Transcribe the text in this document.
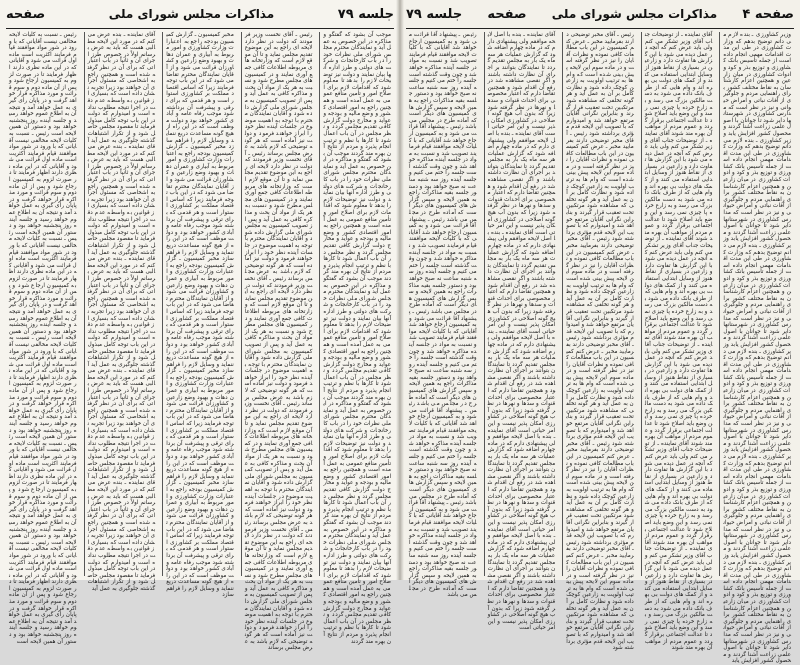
جلسه ۷۹
مذاکرات مجلس شورای ملی
صفحه

موجب آن بشود که گفتگو و مذاکره در این خصوص به عمل آید و نمایندگان محترم مجلس شورای ملی نظرات خود را در باب کارخانجات و شرکت های دولتی و طرز اداره آنها بیان نمایند و دولت نیز توضیحات لازم را بدهد تا معلوم شود که اقدامات لازم برای اصلاح امور و تأمین منافع عمومی به عمل آمده است و همچنین راجع به امور اقتصادی کشور و وضع مالیه و بودجه و عواید و مخارج دولت گزارش کافی تقدیم مجلس گردد و نظر مجلس در آن باب اعمال شود تا کارها با نظم و ترتیب انجام پذیرد و مردم از نتایج آن بهره مند گردند موجب آن بشود که گفتگو و مذاکره در این خصوص به عمل آید و نمایندگان محترم مجلس شورای ملی نظرات خود را در باب کارخانجات و شرکت های دولتی و طرز اداره آنها بیان نمایند و دولت نیز توضیحات لازم را بدهد تا معلوم شود که اقدامات لازم برای اصلاح امور و تأمین منافع عمومی به عمل آمده است و همچنین راجع به امور اقتصادی کشور و وضع مالیه و بودجه و عواید و مخارج دولت گزارش کافی تقدیم مجلس گردد و نظر مجلس در آن باب اعمال شود تا کارها با نظم و ترتیب انجام پذیرد و مردم از نتایج آن بهره مند گردند موجب آن بشود که گفتگو و مذاکره در این خصوص به عمل آید و نمایندگان محترم مجلس شورای ملی نظرات خود را در باب کارخانجات و شرکت های دولتی و طرز اداره آنها بیان نمایند و دولت نیز توضیحات لازم را بدهد تا معلوم شود که اقدامات لازم برای اصلاح امور و تأمین منافع عمومی به عمل آمده است و همچنین راجع به امور اقتصادی کشور و وضع مالیه و بودجه و عواید و مخارج دولت گزارش کافی تقدیم مجلس گردد و نظر مجلس در آن باب اعمال شود تا کارها با نظم و ترتیب انجام پذیرد و مردم از نتایج آن بهره مند گردند موجب آن بشود که گفتگو و مذاکره در این خصوص به عمل آید و نمایندگان محترم مجلس شورای ملی نظرات خود را در باب کارخانجات و شرکت های دولتی و طرز اداره آنها بیان نمایند و دولت نیز توضیحات لازم را بدهد تا معلوم شود که اقدامات لازم برای اصلاح امور و تأمین منافع عمومی به عمل آمده است و همچنین راجع به امور اقتصادی کشور و وضع مالیه و بودجه و عواید و مخارج دولت گزارش کافی تقدیم مجلس گردد و نظر مجلس در آن باب اعمال شود تا کارها با نظم و ترتیب انجام پذیرد و مردم از نتایج آن بهره مند گردند موجب آن بشود که گفتگو و مذاکره در این خصوص به عمل آید و نمایندگان محترم مجلس شورای ملی نظرات خود را در باب کارخانجات و شرکت های دولتی و طرز اداره آنها بیان نمایند و دولت نیز توضیحات لازم را بدهد تا معلوم شود که اقدامات لازم برای اصلاح امور و تأمین منافع عمومی به عمل آمده است و همچنین راجع به امور اقتصادی کشور و وضع مالیه و بودجه و عواید و مخارج دولت گزارش کافی تقدیم مجلس گردد و نظر مجلس در آن باب اعمال شود تا کارها با نظم و ترتیب انجام پذیرد و مردم از نتایج آن بهره مند گردند

رئیس ـ آقای نخست وزیر فرمودند که دولت در نظر دارد لایحه ای راجع به این موضوع تقدیم مجلس نماید و تا آن موقع لازم است که وزارتخانه های مربوطه اطلاعات کافی جمع آوری نمایند و در کمیسیون های مجلس مطرح شود و نسبت به هر یک از مواد آن بحث و مذاکره کافی به عمل آید و پس از تصویب کمیسیون به مجلس شورای ملی گزارش داده شود و آقایان نمایندگان محترم با توجه به اهمیت موضوع در جلسات آینده نظر خود را ابراز خواهند فرمود و دولت نیز آماده است که هر گونه توضیحی که لازم باشد به عرض مجلس برساند رئیس ـ آقای نخست وزیر فرمودند که دولت در نظر دارد لایحه ای راجع به این موضوع تقدیم مجلس نماید و تا آن موقع لازم است که وزارتخانه های مربوطه اطلاعات کافی جمع آوری نمایند و در کمیسیون های مجلس مطرح شود و نسبت به هر یک از مواد آن بحث و مذاکره کافی به عمل آید و پس از تصویب کمیسیون به مجلس شورای ملی گزارش داده شود و آقایان نمایندگان محترم با توجه به اهمیت موضوع در جلسات آینده نظر خود را ابراز خواهند فرمود و دولت نیز آماده است که هر گونه توضیحی که لازم باشد به عرض مجلس برساند رئیس ـ آقای نخست وزیر فرمودند که دولت در نظر دارد لایحه ای راجع به این موضوع تقدیم مجلس نماید و تا آن موقع لازم است که وزارتخانه های مربوطه اطلاعات کافی جمع آوری نمایند و در کمیسیون های مجلس مطرح شود و نسبت به هر یک از مواد آن بحث و مذاکره کافی به عمل آید و پس از تصویب کمیسیون به مجلس شورای ملی گزارش داده شود و آقایان نمایندگان محترم با توجه به اهمیت موضوع در جلسات آینده نظر خود را ابراز خواهند فرمود و دولت نیز آماده است که هر گونه توضیحی که لازم باشد به عرض مجلس برساند رئیس ـ آقای نخست وزیر فرمودند که دولت در نظر دارد لایحه ای راجع به این موضوع تقدیم مجلس نماید و تا آن موقع لازم است که وزارتخانه های مربوطه اطلاعات کافی جمع آوری نمایند و در کمیسیون های مجلس مطرح شود و نسبت به هر یک از مواد آن بحث و مذاکره کافی به عمل آید و پس از تصویب کمیسیون به مجلس شورای ملی گزارش داده شود و آقایان نمایندگان محترم با توجه به اهمیت موضوع در جلسات آینده نظر خود را ابراز خواهند فرمود و دولت نیز آماده است که هر گونه توضیحی که لازم باشد به عرض مجلس برساند رئیس ـ آقای نخست وزیر فرمودند که دولت در نظر دارد لایحه ای راجع به این موضوع تقدیم مجلس نماید و تا آن موقع لازم است که وزارتخانه های مربوطه اطلاعات کافی جمع آوری نمایند و در کمیسیون های مجلس مطرح شود و نسبت به هر یک از مواد آن بحث و مذاکره کافی به عمل آید و پس از تصویب کمیسیون به مجلس شورای ملی گزارش داده شود و آقایان نمایندگان محترم با توجه به اهمیت موضوع در جلسات آینده نظر خود را ابراز خواهند فرمود و دولت نیز آماده است که هر گونه توضیحی که لازم باشد به عرض مجلس برساند

مخبر کمیسیون ـ گزارش کمیسیون بودجه راجع به اعتبارات وزارت کشاورزی و امور مربوط به آبیاری و عمران دهات و بهبود وضع زارعین و کشاورزان قرائت می شود و از آقایان نمایندگان محترم تقاضا می شود که در این باب توجه فرمایند زیرا که اساس اقتصاد مملکت بر کشاورزی استوار است و هر قدمی که برای ترقی و پیشرفت آن برداشته شود موجب رفاه عامه و آبادی کشور خواهد بود و دولت موظف است که در این راه از هیچ گونه مساعدت دریغ ننماید و وسایل لازم را فراهم سازد مخبر کمیسیون ـ گزارش کمیسیون بودجه راجع به اعتبارات وزارت کشاورزی و امور مربوط به آبیاری و عمران دهات و بهبود وضع زارعین و کشاورزان قرائت می شود و از آقایان نمایندگان محترم تقاضا می شود که در این باب توجه فرمایند زیرا که اساس اقتصاد مملکت بر کشاورزی استوار است و هر قدمی که برای ترقی و پیشرفت آن برداشته شود موجب رفاه عامه و آبادی کشور خواهد بود و دولت موظف است که در این راه از هیچ گونه مساعدت دریغ ننماید و وسایل لازم را فراهم سازد مخبر کمیسیون ـ گزارش کمیسیون بودجه راجع به اعتبارات وزارت کشاورزی و امور مربوط به آبیاری و عمران دهات و بهبود وضع زارعین و کشاورزان قرائت می شود و از آقایان نمایندگان محترم تقاضا می شود که در این باب توجه فرمایند زیرا که اساس اقتصاد مملکت بر کشاورزی استوار است و هر قدمی که برای ترقی و پیشرفت آن برداشته شود موجب رفاه عامه و آبادی کشور خواهد بود و دولت موظف است که در این راه از هیچ گونه مساعدت دریغ ننماید و وسایل لازم را فراهم سازد مخبر کمیسیون ـ گزارش کمیسیون بودجه راجع به اعتبارات وزارت کشاورزی و امور مربوط به آبیاری و عمران دهات و بهبود وضع زارعین و کشاورزان قرائت می شود و از آقایان نمایندگان محترم تقاضا می شود که در این باب توجه فرمایند زیرا که اساس اقتصاد مملکت بر کشاورزی استوار است و هر قدمی که برای ترقی و پیشرفت آن برداشته شود موجب رفاه عامه و آبادی کشور خواهد بود و دولت موظف است که در این راه از هیچ گونه مساعدت دریغ ننماید و وسایل لازم را فراهم سازد مخبر کمیسیون ـ گزارش کمیسیون بودجه راجع به اعتبارات وزارت کشاورزی و امور مربوط به آبیاری و عمران دهات و بهبود وضع زارعین و کشاورزان قرائت می شود و از آقایان نمایندگان محترم تقاضا می شود که در این باب توجه فرمایند زیرا که اساس اقتصاد مملکت بر کشاورزی استوار است و هر قدمی که برای ترقی و پیشرفت آن برداشته شود موجب رفاه عامه و آبادی کشور خواهد بود و دولت موظف است که در این راه از هیچ گونه مساعدت دریغ ننماید و وسایل لازم را فراهم سازد

آقای نماینده ـ بنده عرض می کنم که در مورد این لایحه مطالبی هست که باید به عرض برسانم اولاً در خصوص طرز اجرای آن و ثانیاً در باب اعتباراتی که برای آن در نظر گرفته شده است و همچنین راجع به اشخاصی که مسئول اجرای آن خواهند بود زیرا تجربه نشان داده است که بسیاری از قوانین به واسطه عدم دقت در اجرا نتیجه مطلوب نداده است و امیدوارم که دولت در این باب توجه کامل مبذول فرماید تا مقصود مجلس حاصل شود و از تکرار اشتباهات گذشته جلوگیری به عمل آید آقای نماینده ـ بنده عرض می کنم که در مورد این لایحه مطالبی هست که باید به عرض برسانم اولاً در خصوص طرز اجرای آن و ثانیاً در باب اعتباراتی که برای آن در نظر گرفته شده است و همچنین راجع به اشخاصی که مسئول اجرای آن خواهند بود زیرا تجربه نشان داده است که بسیاری از قوانین به واسطه عدم دقت در اجرا نتیجه مطلوب نداده است و امیدوارم که دولت در این باب توجه کامل مبذول فرماید تا مقصود مجلس حاصل شود و از تکرار اشتباهات گذشته جلوگیری به عمل آید آقای نماینده ـ بنده عرض می کنم که در مورد این لایحه مطالبی هست که باید به عرض برسانم اولاً در خصوص طرز اجرای آن و ثانیاً در باب اعتباراتی که برای آن در نظر گرفته شده است و همچنین راجع به اشخاصی که مسئول اجرای آن خواهند بود زیرا تجربه نشان داده است که بسیاری از قوانین به واسطه عدم دقت در اجرا نتیجه مطلوب نداده است و امیدوارم که دولت در این باب توجه کامل مبذول فرماید تا مقصود مجلس حاصل شود و از تکرار اشتباهات گذشته جلوگیری به عمل آید آقای نماینده ـ بنده عرض می کنم که در مورد این لایحه مطالبی هست که باید به عرض برسانم اولاً در خصوص طرز اجرای آن و ثانیاً در باب اعتباراتی که برای آن در نظر گرفته شده است و همچنین راجع به اشخاصی که مسئول اجرای آن خواهند بود زیرا تجربه نشان داده است که بسیاری از قوانین به واسطه عدم دقت در اجرا نتیجه مطلوب نداده است و امیدوارم که دولت در این باب توجه کامل مبذول فرماید تا مقصود مجلس حاصل شود و از تکرار اشتباهات گذشته جلوگیری به عمل آید آقای نماینده ـ بنده عرض می کنم که در مورد این لایحه مطالبی هست که باید به عرض برسانم اولاً در خصوص طرز اجرای آن و ثانیاً در باب اعتباراتی که برای آن در نظر گرفته شده است و همچنین راجع به اشخاصی که مسئول اجرای آن خواهند بود زیرا تجربه نشان داده است که بسیاری از قوانین به واسطه عدم دقت در اجرا نتیجه مطلوب نداده است و امیدوارم که دولت در این باب توجه کامل مبذول فرماید تا مقصود مجلس حاصل شود و از تکرار اشتباهات گذشته جلوگیری به عمل آید

رئیس ـ نسبت به کلیات لایحه مخالفی نیست آقایانی که با ورود در شور مواد موافقند قیام فرمایند اکثریت است ماده اول قرائت می شود و آقایانی که در این ماده نظری دارند اظهار فرمایند تا در صورت لزوم به کمیسیون ارجاع شود و پس از آن ماده دوم و سوم قرائت و مورد مذاکره قرار خواهد گرفت و در پایان رأی گیری به عمل خواهد آمد و نتیجه آن به اطلاع عموم خواهد رسید و جلسه آینده روز پنجشنبه خواهد بود و دستور آن همین لایحه است رئیس ـ نسبت به کلیات لایحه مخالفی نیست آقایانی که با ورود در شور مواد موافقند قیام فرمایند اکثریت است ماده اول قرائت می شود و آقایانی که در این ماده نظری دارند اظهار فرمایند تا در صورت لزوم به کمیسیون ارجاع شود و پس از آن ماده دوم و سوم قرائت و مورد مذاکره قرار خواهد گرفت و در پایان رأی گیری به عمل خواهد آمد و نتیجه آن به اطلاع عموم خواهد رسید و جلسه آینده روز پنجشنبه خواهد بود و دستور آن همین لایحه است رئیس ـ نسبت به کلیات لایحه مخالفی نیست آقایانی که با ورود در شور مواد موافقند قیام فرمایند اکثریت است ماده اول قرائت می شود و آقایانی که در این ماده نظری دارند اظهار فرمایند تا در صورت لزوم به کمیسیون ارجاع شود و پس از آن ماده دوم و سوم قرائت و مورد مذاکره قرار خواهد گرفت و در پایان رأی گیری به عمل خواهد آمد و نتیجه آن به اطلاع عموم خواهد رسید و جلسه آینده روز پنجشنبه خواهد بود و دستور آن همین لایحه است رئیس ـ نسبت به کلیات لایحه مخالفی نیست آقایانی که با ورود در شور مواد موافقند قیام فرمایند اکثریت است ماده اول قرائت می شود و آقایانی که در این ماده نظری دارند اظهار فرمایند تا در صورت لزوم به کمیسیون ارجاع شود و پس از آن ماده دوم و سوم قرائت و مورد مذاکره قرار خواهد گرفت و در پایان رأی گیری به عمل خواهد آمد و نتیجه آن به اطلاع عموم خواهد رسید و جلسه آینده روز پنجشنبه خواهد بود و دستور آن همین لایحه است رئیس ـ نسبت به کلیات لایحه مخالفی نیست آقایانی که با ورود در شور مواد موافقند قیام فرمایند اکثریت است ماده اول قرائت می شود و آقایانی که در این ماده نظری دارند اظهار فرمایند تا در صورت لزوم به کمیسیون ارجاع شود و پس از آن ماده دوم و سوم قرائت و مورد مذاکره قرار خواهد گرفت و در پایان رأی گیری به عمل خواهد آمد و نتیجه آن به اطلاع عموم خواهد رسید و جلسه آینده روز پنجشنبه خواهد بود و دستور آن همین لایحه است رئیس ـ نسبت به کلیات لایحه مخالفی نیست آقایانی که با ورود در شور مواد موافقند قیام فرمایند اکثریت است ماده اول قرائت می شود و آقایانی که در این ماده نظری دارند اظهار فرمایند تا در صورت لزوم به کمیسیون ارجاع شود و پس از آن ماده دوم و سوم قرائت و مورد مذاکره قرار خواهد گرفت و در پایان رأی گیری به عمل خواهد آمد و نتیجه آن به اطلاع عموم خواهد رسید و جلسه آینده روز پنجشنبه خواهد بود و دستور آن همین لایحه است

صفحه ۴
مذاکرات مجلس شورای ملی
صفحه
جلسه ۷۹

وزیر کشاورزی ـ بنده لازم می دانم توضیح بدهم که وزارت کشاورزی در طی این مدت اقدامات مهمی انجام داده است از جمله تأسیس بانک کشاورزی و توزیع بذر و کود و ادوات کشاورزی در میان زارعین و همچنین اعزام کارشناسان به نقاط مختلف کشور برای راهنمایی مردم و جلوگیری از آفات نباتی و امراض حیوانی و نیز در نظر است که مدارس کشاورزی در شهرستانها دایر شود تا جوانان با اصول علمی زراعت آشنا گردند و محصول کشور افزایش یابد وزیر کشاورزی ـ بنده لازم می دانم توضیح بدهم که وزارت کشاورزی در طی این مدت اقدامات مهمی انجام داده است از جمله تأسیس بانک کشاورزی و توزیع بذر و کود و ادوات کشاورزی در میان زارعین و همچنین اعزام کارشناسان به نقاط مختلف کشور برای راهنمایی مردم و جلوگیری از آفات نباتی و امراض حیوانی و نیز در نظر است که مدارس کشاورزی در شهرستانها دایر شود تا جوانان با اصول علمی زراعت آشنا گردند و محصول کشور افزایش یابد وزیر کشاورزی ـ بنده لازم می دانم توضیح بدهم که وزارت کشاورزی در طی این مدت اقدامات مهمی انجام داده است از جمله تأسیس بانک کشاورزی و توزیع بذر و کود و ادوات کشاورزی در میان زارعین و همچنین اعزام کارشناسان به نقاط مختلف کشور برای راهنمایی مردم و جلوگیری از آفات نباتی و امراض حیوانی و نیز در نظر است که مدارس کشاورزی در شهرستانها دایر شود تا جوانان با اصول علمی زراعت آشنا گردند و محصول کشور افزایش یابد وزیر کشاورزی ـ بنده لازم می دانم توضیح بدهم که وزارت کشاورزی در طی این مدت اقدامات مهمی انجام داده است از جمله تأسیس بانک کشاورزی و توزیع بذر و کود و ادوات کشاورزی در میان زارعین و همچنین اعزام کارشناسان به نقاط مختلف کشور برای راهنمایی مردم و جلوگیری از آفات نباتی و امراض حیوانی و نیز در نظر است که مدارس کشاورزی در شهرستانها دایر شود تا جوانان با اصول علمی زراعت آشنا گردند و محصول کشور افزایش یابد وزیر کشاورزی ـ بنده لازم می دانم توضیح بدهم که وزارت کشاورزی در طی این مدت اقدامات مهمی انجام داده است از جمله تأسیس بانک کشاورزی و توزیع بذر و کود و ادوات کشاورزی در میان زارعین و همچنین اعزام کارشناسان به نقاط مختلف کشور برای راهنمایی مردم و جلوگیری از آفات نباتی و امراض حیوانی و نیز در نظر است که مدارس کشاورزی در شهرستانها دایر شود تا جوانان با اصول علمی زراعت آشنا گردند و محصول کشور افزایش یابد وزیر کشاورزی ـ بنده لازم می دانم توضیح بدهم که وزارت کشاورزی در طی این مدت اقدامات مهمی انجام داده است از جمله تأسیس بانک کشاورزی و توزیع بذر و کود و ادوات کشاورزی در میان زارعین و همچنین اعزام کارشناسان به نقاط مختلف کشور برای راهنمایی مردم و جلوگیری از آفات نباتی و امراض حیوانی و نیز در نظر است که مدارس کشاورزی در شهرستانها دایر شود تا جوانان با اصول علمی زراعت آشنا گردند و محصول کشور افزایش یابد

آقای نماینده ـ از توضیحات جناب آقای وزیر تشکر می کنم ولی باید عرض کنم که آنچه در عمل دیده می شود با این گزارش ها تفاوت دارد و زارعین در بسیاری از نقاط هنوز از وسایل ابتدایی استفاده می کنند و از کمک های دولت بی بهره اند و وام هایی که از طرف بانک داده می شود به دست مالکین بزرگ می رسد و به زارع خرده پا چیزی نمی رسد و این وضع باید اصلاح شود تا عدالت اجتماعی برقرار گردد و عموم مردم از مواهب آن بهره مند شوند آقای نماینده ـ از توضیحات جناب آقای وزیر تشکر می کنم ولی باید عرض کنم که آنچه در عمل دیده می شود با این گزارش ها تفاوت دارد و زارعین در بسیاری از نقاط هنوز از وسایل ابتدایی استفاده می کنند و از کمک های دولت بی بهره اند و وام هایی که از طرف بانک داده می شود به دست مالکین بزرگ می رسد و به زارع خرده پا چیزی نمی رسد و این وضع باید اصلاح شود تا عدالت اجتماعی برقرار گردد و عموم مردم از مواهب آن بهره مند شوند آقای نماینده ـ از توضیحات جناب آقای وزیر تشکر می کنم ولی باید عرض کنم که آنچه در عمل دیده می شود با این گزارش ها تفاوت دارد و زارعین در بسیاری از نقاط هنوز از وسایل ابتدایی استفاده می کنند و از کمک های دولت بی بهره اند و وام هایی که از طرف بانک داده می شود به دست مالکین بزرگ می رسد و به زارع خرده پا چیزی نمی رسد و این وضع باید اصلاح شود تا عدالت اجتماعی برقرار گردد و عموم مردم از مواهب آن بهره مند شوند آقای نماینده ـ از توضیحات جناب آقای وزیر تشکر می کنم ولی باید عرض کنم که آنچه در عمل دیده می شود با این گزارش ها تفاوت دارد و زارعین در بسیاری از نقاط هنوز از وسایل ابتدایی استفاده می کنند و از کمک های دولت بی بهره اند و وام هایی که از طرف بانک داده می شود به دست مالکین بزرگ می رسد و به زارع خرده پا چیزی نمی رسد و این وضع باید اصلاح شود تا عدالت اجتماعی برقرار گردد و عموم مردم از مواهب آن بهره مند شوند آقای نماینده ـ از توضیحات جناب آقای وزیر تشکر می کنم ولی باید عرض کنم که آنچه در عمل دیده می شود با این گزارش ها تفاوت دارد و زارعین در بسیاری از نقاط هنوز از وسایل ابتدایی استفاده می کنند و از کمک های دولت بی بهره اند و وام هایی که از طرف بانک داده می شود به دست مالکین بزرگ می رسد و به زارع خرده پا چیزی نمی رسد و این وضع باید اصلاح شود تا عدالت اجتماعی برقرار گردد و عموم مردم از مواهب آن بهره مند شوند آقای نماینده ـ از توضیحات جناب آقای وزیر تشکر می کنم ولی باید عرض کنم که آنچه در عمل دیده می شود با این گزارش ها تفاوت دارد و زارعین در بسیاری از نقاط هنوز از وسایل ابتدایی استفاده می کنند و از کمک های دولت بی بهره اند و وام هایی که از طرف بانک داده می شود به دست مالکین بزرگ می رسد و به زارع خرده پا چیزی نمی رسد و این وضع باید اصلاح شود تا عدالت اجتماعی برقرار گردد و عموم مردم از مواهب آن بهره مند شوند

رئیس ـ آقای مخبر توضیحی دارند بفرمایید مخبر ـ عرض کنم کمیسیون در این باب مطالعات کافی نموده و نظرات آقایان را نیز در نظر گرفته است و در ماده سوم این لایحه پیش بینی شده است که وام ها به ترتیب اولویت به زارعین کوچک داده شود و نظارت کامل بر آن به عمل آید و هر گونه تخلفی که مشاهده شود مرتکبین تحت تعقیب قرار گیرند و بنابراین نگرانی آقایان مرتفع خواهد شد و امیدوارم که با تصویب این لایحه قدم مؤثری برداشته شود رئیس ـ آقای مخبر توضیحی دارند بفرمایید مخبر ـ عرض کنم کمیسیون در این باب مطالعات کافی نموده و نظرات آقایان را نیز در نظر گرفته است و در ماده سوم این لایحه پیش بینی شده است که وام ها به ترتیب اولویت به زارعین کوچک داده شود و نظارت کامل بر آن به عمل آید و هر گونه تخلفی که مشاهده شود مرتکبین تحت تعقیب قرار گیرند و بنابراین نگرانی آقایان مرتفع خواهد شد و امیدوارم که با تصویب این لایحه قدم مؤثری برداشته شود رئیس ـ آقای مخبر توضیحی دارند بفرمایید مخبر ـ عرض کنم کمیسیون در این باب مطالعات کافی نموده و نظرات آقایان را نیز در نظر گرفته است و در ماده سوم این لایحه پیش بینی شده است که وام ها به ترتیب اولویت به زارعین کوچک داده شود و نظارت کامل بر آن به عمل آید و هر گونه تخلفی که مشاهده شود مرتکبین تحت تعقیب قرار گیرند و بنابراین نگرانی آقایان مرتفع خواهد شد و امیدوارم که با تصویب این لایحه قدم مؤثری برداشته شود رئیس ـ آقای مخبر توضیحی دارند بفرمایید مخبر ـ عرض کنم کمیسیون در این باب مطالعات کافی نموده و نظرات آقایان را نیز در نظر گرفته است و در ماده سوم این لایحه پیش بینی شده است که وام ها به ترتیب اولویت به زارعین کوچک داده شود و نظارت کامل بر آن به عمل آید و هر گونه تخلفی که مشاهده شود مرتکبین تحت تعقیب قرار گیرند و بنابراین نگرانی آقایان مرتفع خواهد شد و امیدوارم که با تصویب این لایحه قدم مؤثری برداشته شود رئیس ـ آقای مخبر توضیحی دارند بفرمایید مخبر ـ عرض کنم کمیسیون در این باب مطالعات کافی نموده و نظرات آقایان را نیز در نظر گرفته است و در ماده سوم این لایحه پیش بینی شده است که وام ها به ترتیب اولویت به زارعین کوچک داده شود و نظارت کامل بر آن به عمل آید و هر گونه تخلفی که مشاهده شود مرتکبین تحت تعقیب قرار گیرند و بنابراین نگرانی آقایان مرتفع خواهد شد و امیدوارم که با تصویب این لایحه قدم مؤثری برداشته شود رئیس ـ آقای مخبر توضیحی دارند بفرمایید مخبر ـ عرض کنم کمیسیون در این باب مطالعات کافی نموده و نظرات آقایان را نیز در نظر گرفته است و در ماده سوم این لایحه پیش بینی شده است که وام ها به ترتیب اولویت به زارعین کوچک داده شود و نظارت کامل بر آن به عمل آید و هر گونه تخلفی که مشاهده شود مرتکبین تحت تعقیب قرار گیرند و بنابراین نگرانی آقایان مرتفع خواهد شد و امیدوارم که با تصویب این لایحه قدم مؤثری برداشته شود

آقای نماینده ـ بنده با اصل لایحه موافقم ولی پیشنهادی دارم که در ماده چهارم اضافه شود که گزارش عملیات هر سه ماه یک بار به مجلس تقدیم گردد تا نمایندگان بتوانند بر اجرای آن نظارت داشته باشند و اگر نقصی مشاهده شد در رفع آن اقدام شود و همچنین تقاضا دارم که اعتبار مخصوصی برای احداث قنوات و سدها و نهرها در نظر گرفته شود زیرا که بدون آب هیچ گونه اصلاحی در کشاورزی امکان پذیر نیست و این امر حیاتی است آقای نماینده ـ بنده با اصل لایحه موافقم ولی پیشنهادی دارم که در ماده چهارم اضافه شود که گزارش عملیات هر سه ماه یک بار به مجلس تقدیم گردد تا نمایندگان بتوانند بر اجرای آن نظارت داشته باشند و اگر نقصی مشاهده شد در رفع آن اقدام شود و همچنین تقاضا دارم که اعتبار مخصوصی برای احداث قنوات و سدها و نهرها در نظر گرفته شود زیرا که بدون آب هیچ گونه اصلاحی در کشاورزی امکان پذیر نیست و این امر حیاتی است آقای نماینده ـ بنده با اصل لایحه موافقم ولی پیشنهادی دارم که در ماده چهارم اضافه شود که گزارش عملیات هر سه ماه یک بار به مجلس تقدیم گردد تا نمایندگان بتوانند بر اجرای آن نظارت داشته باشند و اگر نقصی مشاهده شد در رفع آن اقدام شود و همچنین تقاضا دارم که اعتبار مخصوصی برای احداث قنوات و سدها و نهرها در نظر گرفته شود زیرا که بدون آب هیچ گونه اصلاحی در کشاورزی امکان پذیر نیست و این امر حیاتی است آقای نماینده ـ بنده با اصل لایحه موافقم ولی پیشنهادی دارم که در ماده چهارم اضافه شود که گزارش عملیات هر سه ماه یک بار به مجلس تقدیم گردد تا نمایندگان بتوانند بر اجرای آن نظارت داشته باشند و اگر نقصی مشاهده شد در رفع آن اقدام شود و همچنین تقاضا دارم که اعتبار مخصوصی برای احداث قنوات و سدها و نهرها در نظر گرفته شود زیرا که بدون آب هیچ گونه اصلاحی در کشاورزی امکان پذیر نیست و این امر حیاتی است آقای نماینده ـ بنده با اصل لایحه موافقم ولی پیشنهادی دارم که در ماده چهارم اضافه شود که گزارش عملیات هر سه ماه یک بار به مجلس تقدیم گردد تا نمایندگان بتوانند بر اجرای آن نظارت داشته باشند و اگر نقصی مشاهده شد در رفع آن اقدام شود و همچنین تقاضا دارم که اعتبار مخصوصی برای احداث قنوات و سدها و نهرها در نظر گرفته شود زیرا که بدون آب هیچ گونه اصلاحی در کشاورزی امکان پذیر نیست و این امر حیاتی است آقای نماینده ـ بنده با اصل لایحه موافقم ولی پیشنهادی دارم که در ماده چهارم اضافه شود که گزارش عملیات هر سه ماه یک بار به مجلس تقدیم گردد تا نمایندگان بتوانند بر اجرای آن نظارت داشته باشند و اگر نقصی مشاهده شد در رفع آن اقدام شود و همچنین تقاضا دارم که اعتبار مخصوصی برای احداث قنوات و سدها و نهرها در نظر گرفته شود زیرا که بدون آب هیچ گونه اصلاحی در کشاورزی امکان پذیر نیست و این امر حیاتی است

رئیس ـ پیشنهاد آقا قرائت می شود و به کمیسیون ارجاع خواهد شد آقایانی که با کلیات لایحه موافقند قیام فرمایند تصویب شد و نسبت به مواد در جلسه آینده مذاکره خواهد شد و چون وقت گذشته است جلسه را ختم می کنیم و جلسه آینده روز سه شنبه ساعت نه صبح خواهد بود و دستور جلسه بقیه مذاکرات راجع به همین لایحه و سپس گزارش های کمیسیون های دیگر است که آماده طرح در مجلس می باشد رئیس ـ پیشنهاد آقا قرائت می شود و به کمیسیون ارجاع خواهد شد آقایانی که با کلیات لایحه موافقند قیام فرمایند تصویب شد و نسبت به مواد در جلسه آینده مذاکره خواهد شد و چون وقت گذشته است جلسه را ختم می کنیم و جلسه آینده روز سه شنبه ساعت نه صبح خواهد بود و دستور جلسه بقیه مذاکرات راجع به همین لایحه و سپس گزارش های کمیسیون های دیگر است که آماده طرح در مجلس می باشد رئیس ـ پیشنهاد آقا قرائت می شود و به کمیسیون ارجاع خواهد شد آقایانی که با کلیات لایحه موافقند قیام فرمایند تصویب شد و نسبت به مواد در جلسه آینده مذاکره خواهد شد و چون وقت گذشته است جلسه را ختم می کنیم و جلسه آینده روز سه شنبه ساعت نه صبح خواهد بود و دستور جلسه بقیه مذاکرات راجع به همین لایحه و سپس گزارش های کمیسیون های دیگر است که آماده طرح در مجلس می باشد رئیس ـ پیشنهاد آقا قرائت می شود و به کمیسیون ارجاع خواهد شد آقایانی که با کلیات لایحه موافقند قیام فرمایند تصویب شد و نسبت به مواد در جلسه آینده مذاکره خواهد شد و چون وقت گذشته است جلسه را ختم می کنیم و جلسه آینده روز سه شنبه ساعت نه صبح خواهد بود و دستور جلسه بقیه مذاکرات راجع به همین لایحه و سپس گزارش های کمیسیون های دیگر است که آماده طرح در مجلس می باشد رئیس ـ پیشنهاد آقا قرائت می شود و به کمیسیون ارجاع خواهد شد آقایانی که با کلیات لایحه موافقند قیام فرمایند تصویب شد و نسبت به مواد در جلسه آینده مذاکره خواهد شد و چون وقت گذشته است جلسه را ختم می کنیم و جلسه آینده روز سه شنبه ساعت نه صبح خواهد بود و دستور جلسه بقیه مذاکرات راجع به همین لایحه و سپس گزارش های کمیسیون های دیگر است که آماده طرح در مجلس می باشد رئیس ـ پیشنهاد آقا قرائت می شود و به کمیسیون ارجاع خواهد شد آقایانی که با کلیات لایحه موافقند قیام فرمایند تصویب شد و نسبت به مواد در جلسه آینده مذاکره خواهد شد و چون وقت گذشته است جلسه را ختم می کنیم و جلسه آینده روز سه شنبه ساعت نه صبح خواهد بود و دستور جلسه بقیه مذاکرات راجع به همین لایحه و سپس گزارش های کمیسیون های دیگر است که آماده طرح در مجلس می باشد
